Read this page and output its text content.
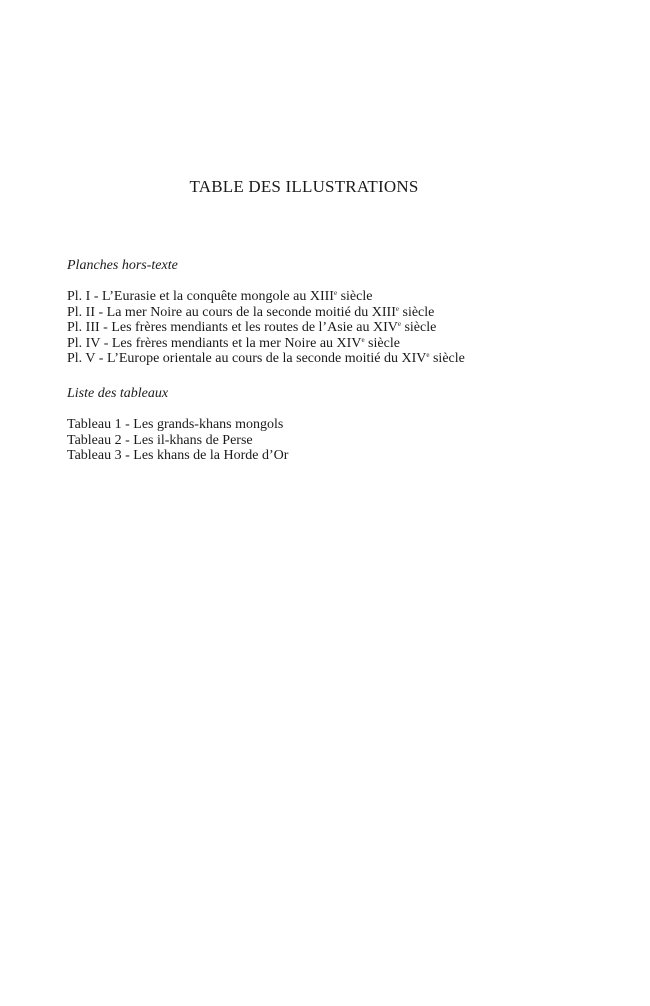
TABLE DES ILLUSTRATIONS
Planches hors-texte
Pl. I - L’Eurasie et la conquête mongole au XIIIe siècle
Pl. II - La mer Noire au cours de la seconde moitié du XIIIe siècle
Pl. III - Les frères mendiants et les routes de l’Asie au XIVe siècle
Pl. IV - Les frères mendiants et la mer Noire au XIVe siècle
Pl. V - L’Europe orientale au cours de la seconde moitié du XIVe siècle
Liste des tableaux
Tableau 1 - Les grands-khans mongols
Tableau 2 - Les il-khans de Perse
Tableau 3 - Les khans de la Horde d’Or
